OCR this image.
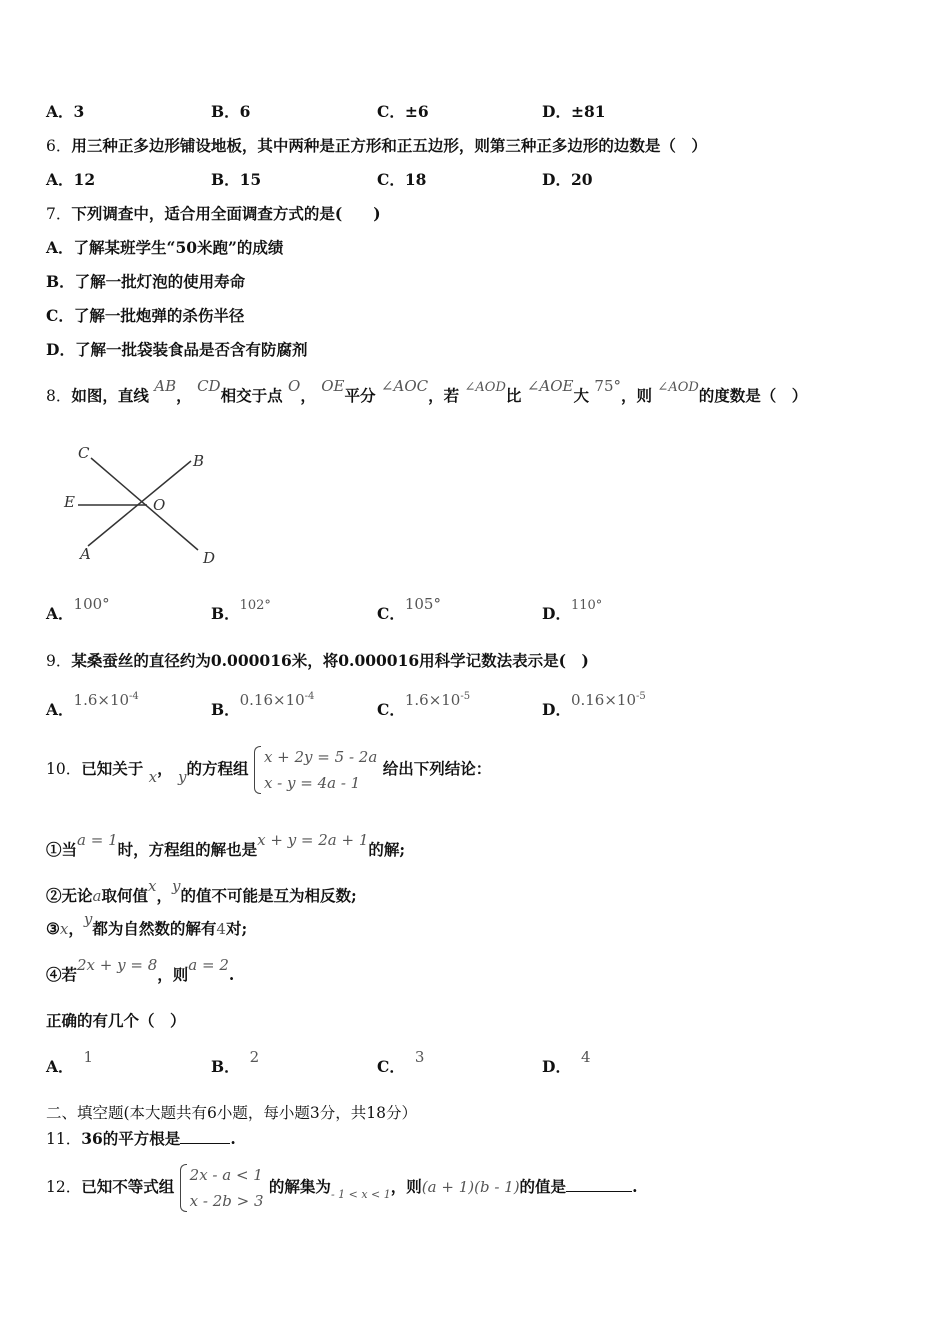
A．3	B．6	C．±6	D．±81
6．用三种正多边形铺设地板，其中两种是正方形和正五边形，则第三种正多边形的边数是（　）
A．12	B．15	C．18	D．20
7．下列调查中，适合用全面调查方式的是(　　)
A．了解某班学生“50米跑”的成绩
B．了解一批灯泡的使用寿命
C．了解一批炮弹的杀伤半径
D．了解一批袋装食品是否含有防腐剂
8．如图，直线 AB， CD相交于点 O， OE平分 ∠AOC，若 $^{\angle AOD}$比 ∠AOE大 75°，则 $^{\angle AOD}$的度数是（　）
C	B
E	O
A	D
A．100°	B．$^{102^\circ}$	C．105°	D．$^{110^\circ}$
9．某桑蚕丝的直径约为0.000016米，将0.000016用科学记数法表示是(　)
A．$1.6\times 10^{-4}$
B．$0.16\times 10^{-4}$
C．$1.6\times 10^{-5}$
D．$0.16\times 10^{-5}$
10．已知关于 x， y的方程组
x + 2y = 5 - 2a
x - y = 4a - 1
给出下列结论：
①当a = 1时，方程组的解也是x + y = 2a + 1的解;
②无论a取何值x，y的值不可能是互为相反数;
③x，y都为自然数的解有4对;
④若2x + y = 8，则a = 2.
正确的有几个（　）
A． 1	B． 2	C． 3	D． 4
二、填空题(本大题共有6小题，每小题3分，共18分）
11．36的平方根是	.
12．已知不等式组
2x - a < 1
x - 2b > 3
的解集为$_{- 1 < x < 1}$，则(a + 1)(b - 1)的值是	.
